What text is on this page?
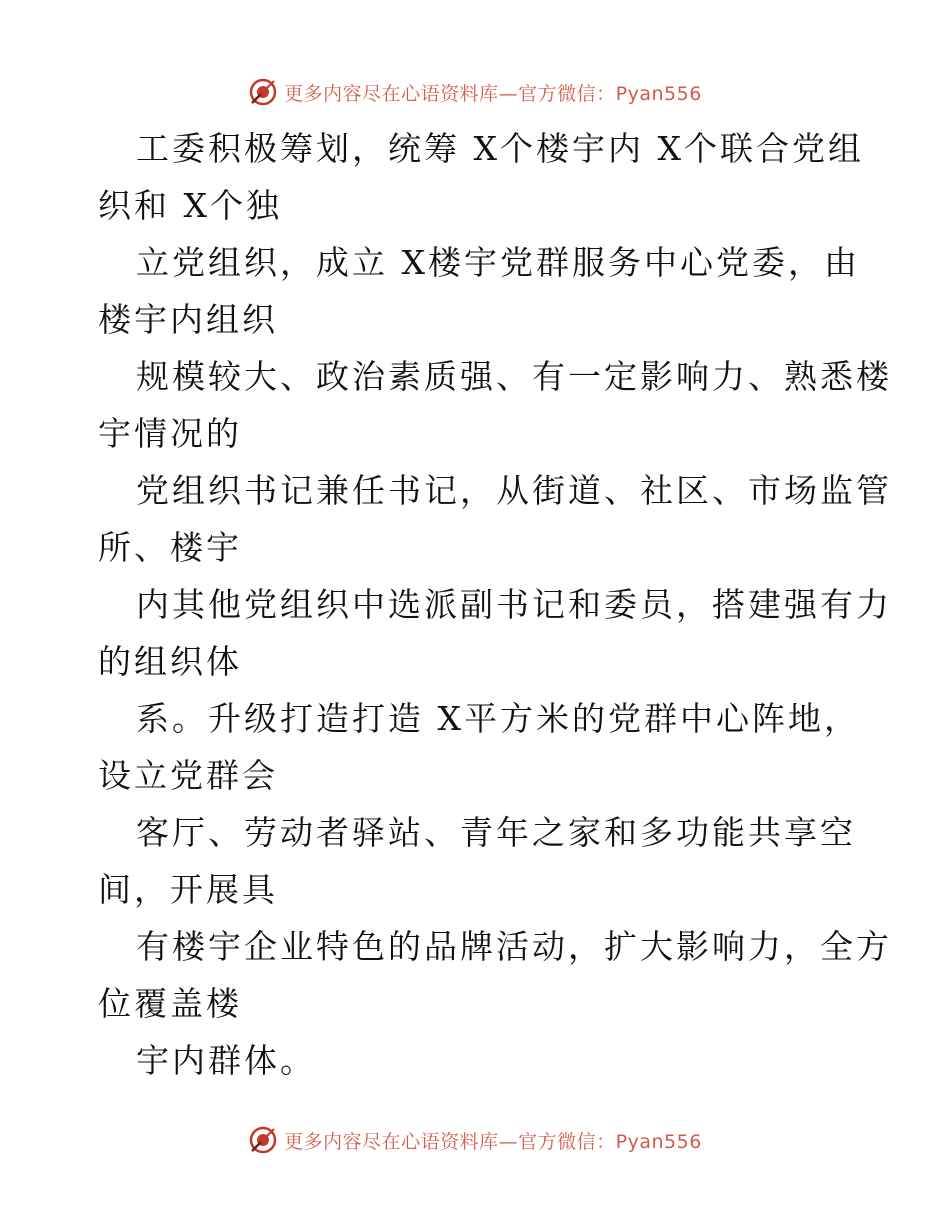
更多内容尽在心语资料库—官方微信：Pyan556
工委积极筹划，统筹 X个楼宇内 X个联合党组
织和 X个独
立党组织，成立 X楼宇党群服务中心党委，由
楼宇内组织
规模较大、政治素质强、有一定影响力、熟悉楼
宇情况的
党组织书记兼任书记，从街道、社区、市场监管
所、楼宇
内其他党组织中选派副书记和委员，搭建强有力
的组织体
系。升级打造打造 X平方米的党群中心阵地，
设立党群会
客厅、劳动者驿站、青年之家和多功能共享空
间，开展具
有楼宇企业特色的品牌活动，扩大影响力，全方
位覆盖楼
宇内群体。
更多内容尽在心语资料库—官方微信：Pyan556
